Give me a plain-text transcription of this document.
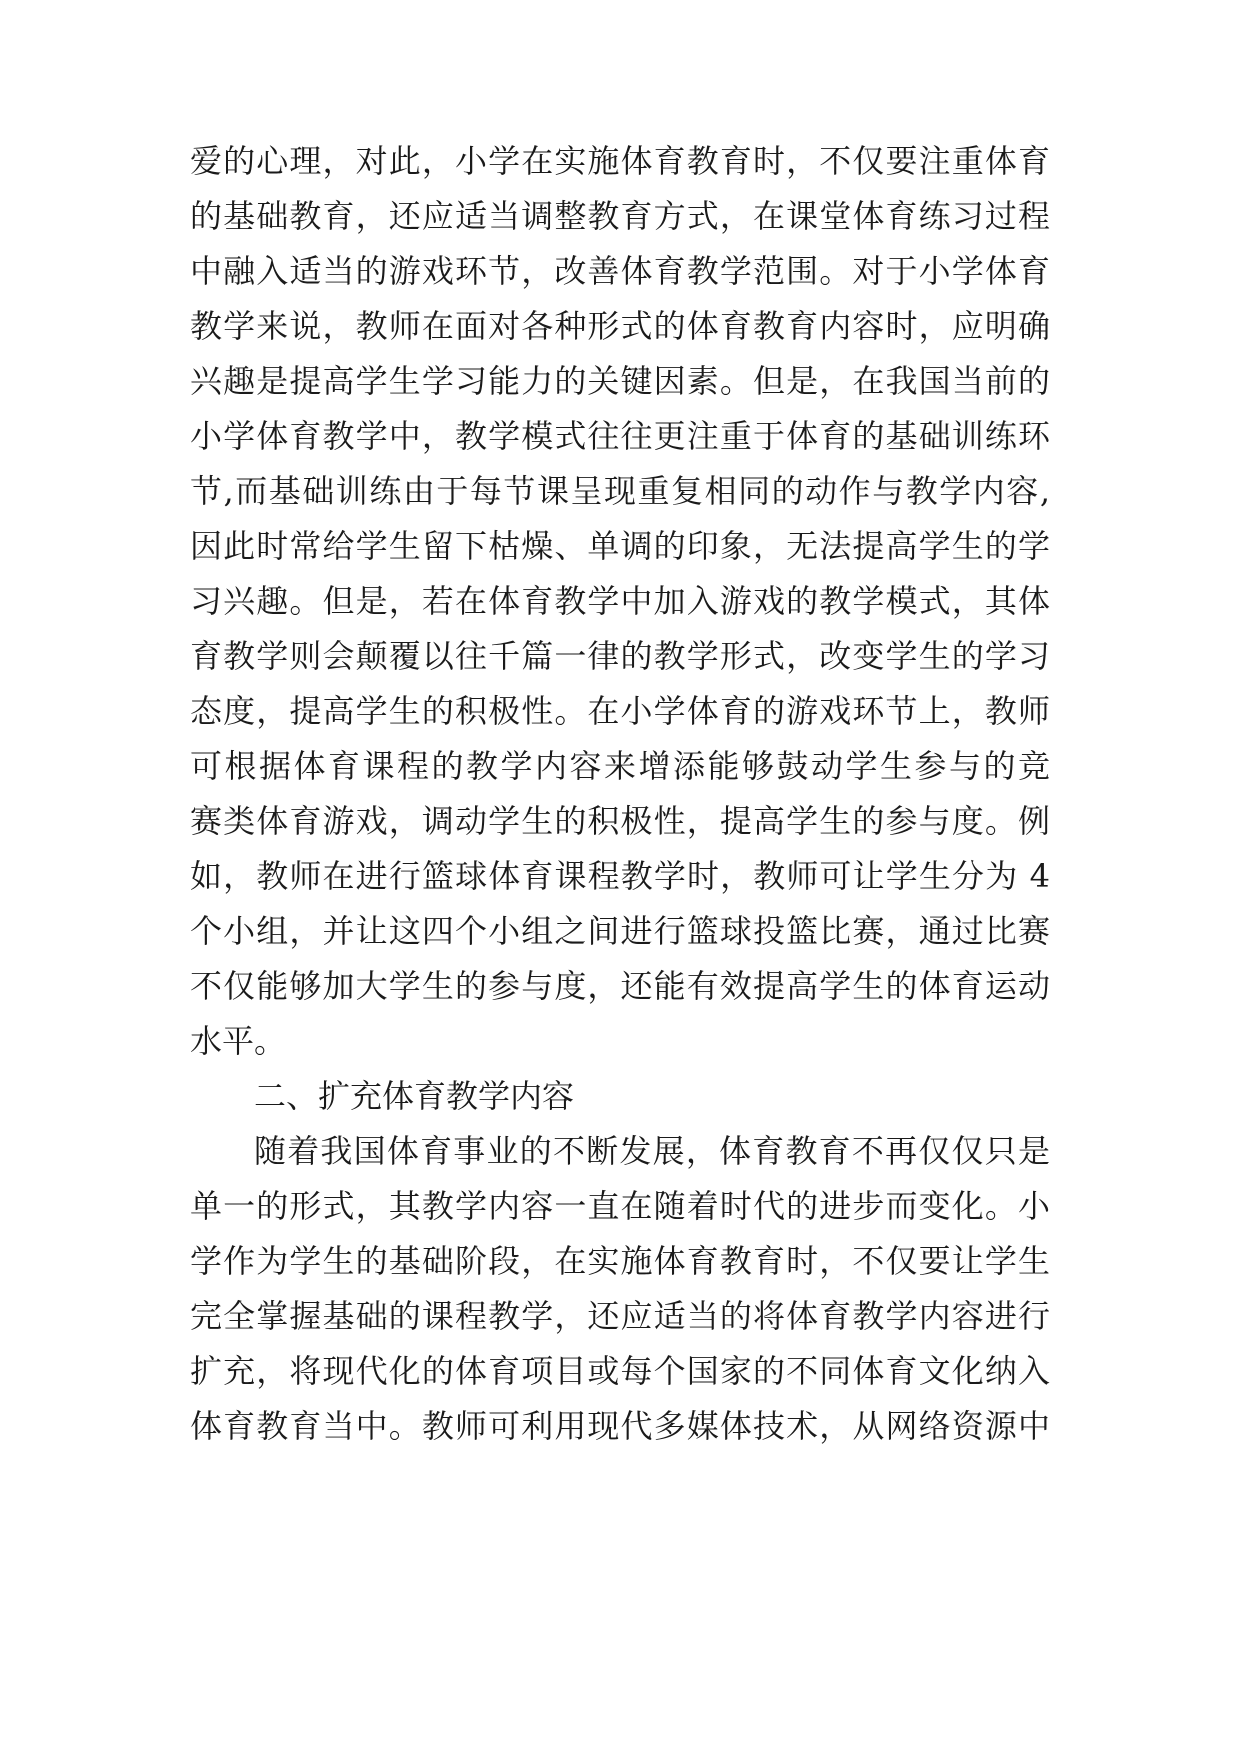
爱的心理，对此，小学在实施体育教育时，不仅要注重体育
的基础教育，还应适当调整教育方式，在课堂体育练习过程
中融入适当的游戏环节，改善体育教学范围。对于小学体育
教学来说，教师在面对各种形式的体育教育内容时，应明确
兴趣是提高学生学习能力的关键因素。但是，在我国当前的
小学体育教学中，教学模式往往更注重于体育的基础训练环
节,而基础训练由于每节课呈现重复相同的动作与教学内容,
因此时常给学生留下枯燥、单调的印象，无法提高学生的学
习兴趣。但是，若在体育教学中加入游戏的教学模式，其体
育教学则会颠覆以往千篇一律的教学形式，改变学生的学习
态度，提高学生的积极性。在小学体育的游戏环节上，教师
可根据体育课程的教学内容来增添能够鼓动学生参与的竞
赛类体育游戏，调动学生的积极性，提高学生的参与度。例
如，教师在进行篮球体育课程教学时，教师可让学生分为 4
个小组，并让这四个小组之间进行篮球投篮比赛，通过比赛
不仅能够加大学生的参与度，还能有效提高学生的体育运动
水平。
二、扩充体育教学内容
随着我国体育事业的不断发展，体育教育不再仅仅只是
单一的形式，其教学内容一直在随着时代的进步而变化。小
学作为学生的基础阶段，在实施体育教育时，不仅要让学生
完全掌握基础的课程教学，还应适当的将体育教学内容进行
扩充，将现代化的体育项目或每个国家的不同体育文化纳入
体育教育当中。教师可利用现代多媒体技术，从网络资源中
